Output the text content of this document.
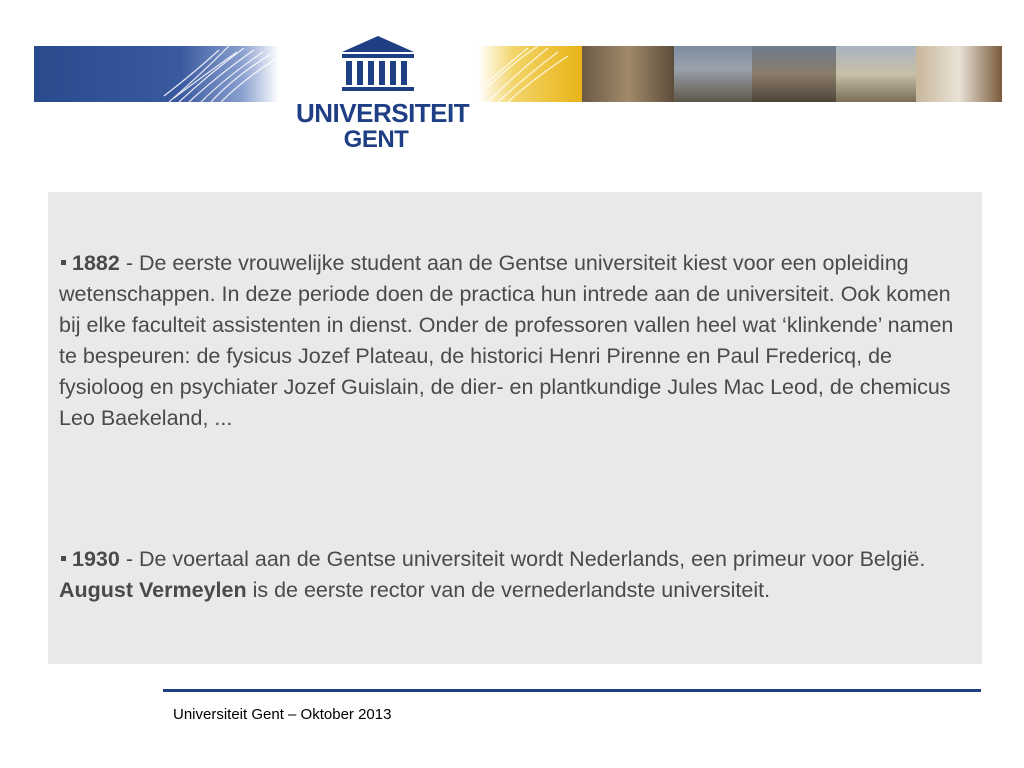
UNIVERSITEIT
GENT

1882 - De eerste vrouwelijke student aan de Gentse universiteit kiest voor een opleiding wetenschappen. In deze periode doen de practica hun intrede aan de universiteit. Ook komen bij elke faculteit assistenten in dienst. Onder de professoren vallen heel wat ‘klinkende’ namen te bespeuren: de fysicus Jozef Plateau, de historici Henri Pirenne en Paul Fredericq, de fysioloog en psychiater Jozef Guislain, de dier- en plantkundige Jules Mac Leod, de chemicus Leo Baekeland, ...

1930 - De voertaal aan de Gentse universiteit wordt Nederlands, een primeur voor België. August Vermeylen is de eerste rector van de vernederlandste universiteit.

Universiteit Gent – Oktober 2013
